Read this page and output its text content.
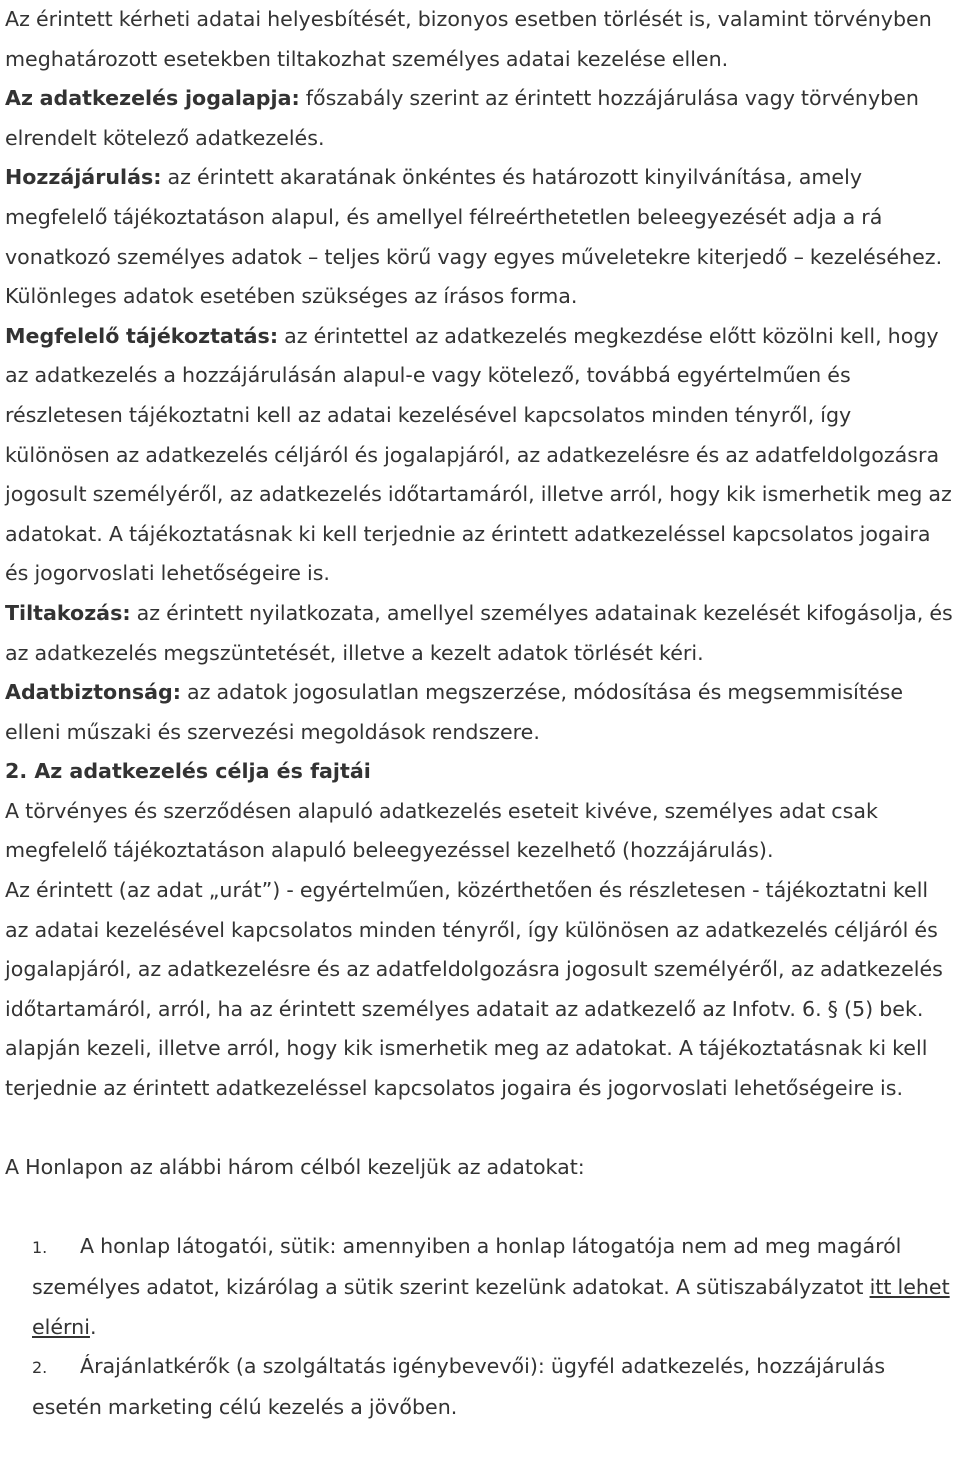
Az érintett kérheti adatai helyesbítését, bizonyos esetben törlését is, valamint törvényben meghatározott esetekben tiltakozhat személyes adatai kezelése ellen.

Az adatkezelés jogalapja: főszabály szerint az érintett hozzájárulása vagy törvényben elrendelt kötelező adatkezelés.

Hozzájárulás: az érintett akaratának önkéntes és határozott kinyilvánítása, amely megfelelő tájékoztatáson alapul, és amellyel félreérthetetlen beleegyezését adja a rá vonatkozó személyes adatok – teljes körű vagy egyes műveletekre kiterjedő – kezeléséhez. Különleges adatok esetében szükséges az írásos forma.

Megfelelő tájékoztatás: az érintettel az adatkezelés megkezdése előtt közölni kell, hogy az adatkezelés a hozzájárulásán alapul-e vagy kötelező, továbbá egyértelműen és részletesen tájékoztatni kell az adatai kezelésével kapcsolatos minden tényről, így különösen az adatkezelés céljáról és jogalapjáról, az adatkezelésre és az adatfeldolgozásra jogosult személyéről, az adatkezelés időtartamáról, illetve arról, hogy kik ismerhetik meg az adatokat. A tájékoztatásnak ki kell terjednie az érintett adatkezeléssel kapcsolatos jogaira és jogorvoslati lehetőségeire is.

Tiltakozás: az érintett nyilatkozata, amellyel személyes adatainak kezelését kifogásolja, és az adatkezelés megszüntetését, illetve a kezelt adatok törlését kéri.

Adatbiztonság: az adatok jogosulatlan megszerzése, módosítása és megsemmisítése elleni műszaki és szervezési megoldások rendszere.

2. Az adatkezelés célja és fajtái

A törvényes és szerződésen alapuló adatkezelés eseteit kivéve, személyes adat csak megfelelő tájékoztatáson alapuló beleegyezéssel kezelhető (hozzájárulás).

Az érintett (az adat „urát”) - egyértelműen, közérthetően és részletesen - tájékoztatni kell az adatai kezelésével kapcsolatos minden tényről, így különösen az adatkezelés céljáról és jogalapjáról, az adatkezelésre és az adatfeldolgozásra jogosult személyéről, az adatkezelés időtartamáról, arról, ha az érintett személyes adatait az adatkezelő az Infotv. 6. § (5) bek. alapján kezeli, illetve arról, hogy kik ismerhetik meg az adatokat. A tájékoztatásnak ki kell terjednie az érintett adatkezeléssel kapcsolatos jogaira és jogorvoslati lehetőségeire is.

A Honlapon az alábbi három célból kezeljük az adatokat:

1. A honlap látogatói, sütik: amennyiben a honlap látogatója nem ad meg magáról személyes adatot, kizárólag a sütik szerint kezelünk adatokat. A sütiszabályzatot itt lehet elérni.
2. Árajánlatkérők (a szolgáltatás igénybevevői): ügyfél adatkezelés, hozzájárulás esetén marketing célú kezelés a jövőben.
